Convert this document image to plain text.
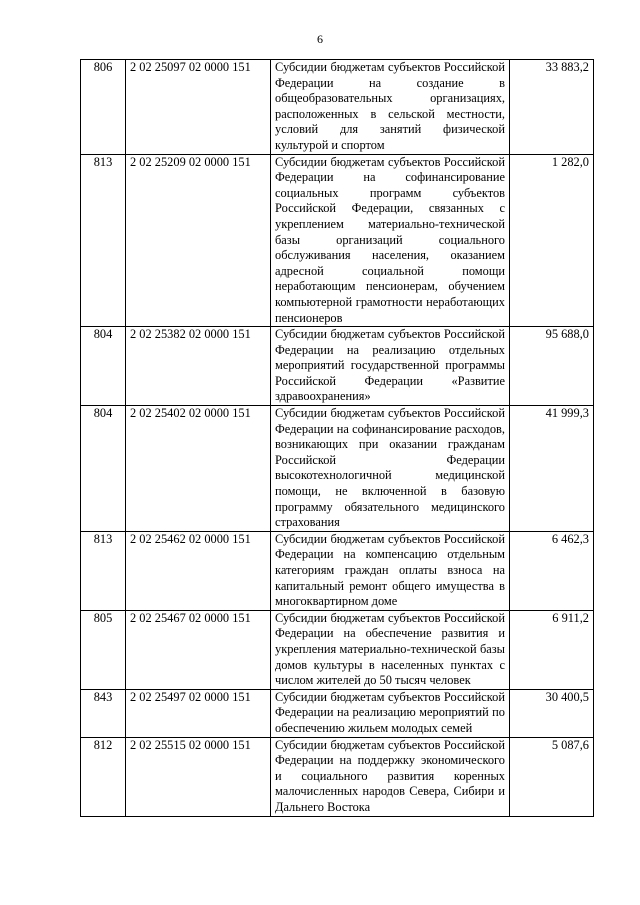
6
806	2 02 25097 02 0000 151	Субсидии бюджетам субъектов Российской Федерации на создание в общеобразовательных организациях, расположенных в сельской местности, условий для занятий физической культурой и спортом	33 883,2
813	2 02 25209 02 0000 151	Субсидии бюджетам субъектов Российской Федерации на софинансирование социальных программ субъектов Российской Федерации, связанных с укреплением материально-технической базы организаций социального обслуживания населения, оказанием адресной социальной помощи неработающим пенсионерам, обучением компьютерной грамотности неработающих пенсионеров	1 282,0
804	2 02 25382 02 0000 151	Субсидии бюджетам субъектов Российской Федерации на реализацию отдельных мероприятий государственной программы Российской Федерации «Развитие здравоохранения»	95 688,0
804	2 02 25402 02 0000 151	Субсидии бюджетам субъектов Российской Федерации на софинансирование расходов, возникающих при оказании гражданам Российской Федерации высокотехнологичной медицинской помощи, не включенной в базовую программу обязательного медицинского страхования	41 999,3
813	2 02 25462 02 0000 151	Субсидии бюджетам субъектов Российской Федерации на компенсацию отдельным категориям граждан оплаты взноса на капитальный ремонт общего имущества в многоквартирном доме	6 462,3
805	2 02 25467 02 0000 151	Субсидии бюджетам субъектов Российской Федерации на обеспечение развития и укрепления материально-технической базы домов культуры в населенных пунктах с числом жителей до 50 тысяч человек	6 911,2
843	2 02 25497 02 0000 151	Субсидии бюджетам субъектов Российской Федерации на реализацию мероприятий по обеспечению жильем молодых семей	30 400,5
812	2 02 25515 02 0000 151	Субсидии бюджетам субъектов Российской Федерации на поддержку экономического и социального развития коренных малочисленных народов Севера, Сибири и Дальнего Востока	5 087,6
